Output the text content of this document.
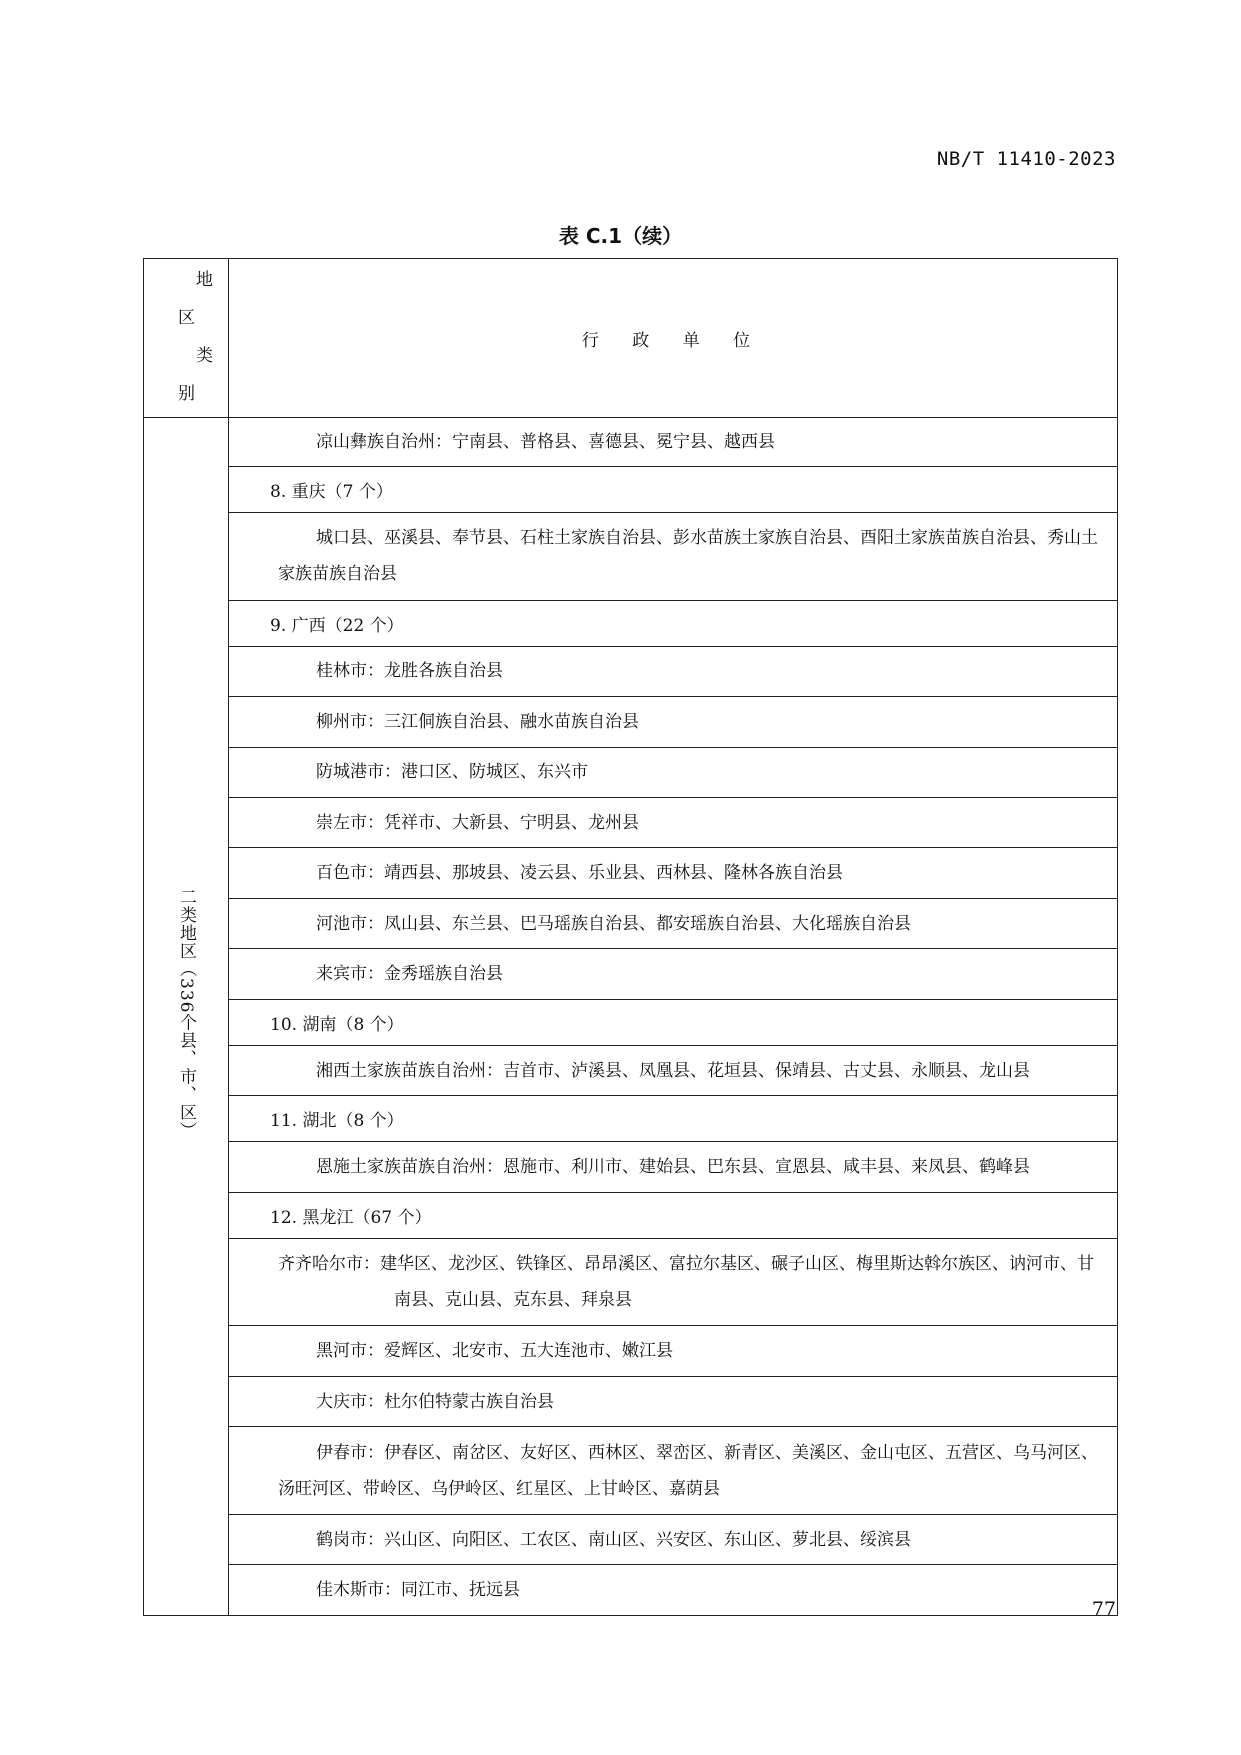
NB/T 11410-2023
表 C.1（续）
地
区
类
别	行 政 单 位
二类地区（336个县、市、区）	凉山彝族自治州：宁南县、普格县、喜德县、冕宁县、越西县
	8. 重庆（7 个）
	城口县、巫溪县、奉节县、石柱土家族自治县、彭水苗族土家族自治县、酉阳土家族苗族自治县、秀山土家族苗族自治县
	9. 广西（22 个）
	桂林市：龙胜各族自治县
	柳州市：三江侗族自治县、融水苗族自治县
	防城港市：港口区、防城区、东兴市
	崇左市：凭祥市、大新县、宁明县、龙州县
	百色市：靖西县、那坡县、凌云县、乐业县、西林县、隆林各族自治县
	河池市：凤山县、东兰县、巴马瑶族自治县、都安瑶族自治县、大化瑶族自治县
	来宾市：金秀瑶族自治县
	10. 湖南（8 个）
	湘西土家族苗族自治州：吉首市、泸溪县、凤凰县、花垣县、保靖县、古丈县、永顺县、龙山县
	11. 湖北（8 个）
	恩施土家族苗族自治州：恩施市、利川市、建始县、巴东县、宣恩县、咸丰县、来凤县、鹤峰县
	12. 黑龙江（67 个）
	齐齐哈尔市：建华区、龙沙区、铁锋区、昂昂溪区、富拉尔基区、碾子山区、梅里斯达斡尔族区、讷河市、甘南县、克山县、克东县、拜泉县
	黑河市：爱辉区、北安市、五大连池市、嫩江县
	大庆市：杜尔伯特蒙古族自治县
	伊春市：伊春区、南岔区、友好区、西林区、翠峦区、新青区、美溪区、金山屯区、五营区、乌马河区、汤旺河区、带岭区、乌伊岭区、红星区、上甘岭区、嘉荫县
	鹤岗市：兴山区、向阳区、工农区、南山区、兴安区、东山区、萝北县、绥滨县
	佳木斯市：同江市、抚远县
77
